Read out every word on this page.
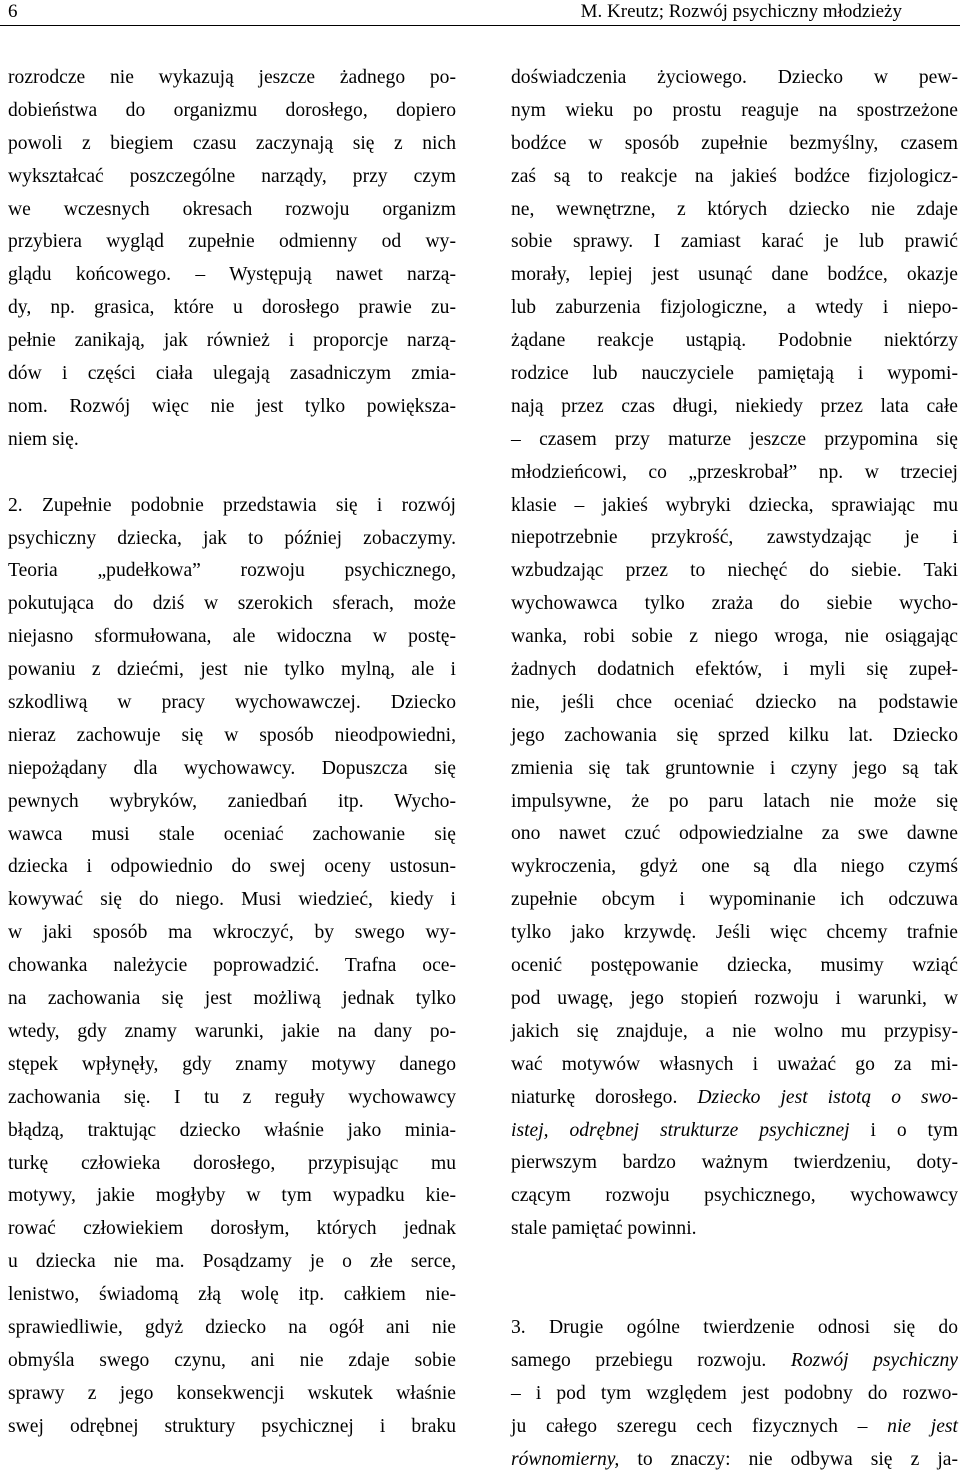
6	M. Kreutz; Rozwój psychiczny młodzieży
rozrodcze nie wykazują jeszcze żadnego po-
dobieństwa do organizmu dorosłego, dopiero
powoli z biegiem czasu zaczynają się z nich
wykształcać poszczególne narządy, przy czym
we wczesnych okresach rozwoju organizm
przybiera wygląd zupełnie odmienny od wy-
glądu końcowego. – Występują nawet narzą-
dy, np. grasica, które u dorosłego prawie zu-
pełnie zanikają, jak również i proporcje narzą-
dów i części ciała ulegają zasadniczym zmia-
nom. Rozwój więc nie jest tylko powiększa-
niem się.
2. Zupełnie podobnie przedstawia się i rozwój
psychiczny dziecka, jak to później zobaczymy.
Teoria „pudełkowa” rozwoju psychicznego,
pokutująca do dziś w szerokich sferach, może
niejasno sformułowana, ale widoczna w postę-
powaniu z dziećmi, jest nie tylko mylną, ale i
szkodliwą w pracy wychowawczej. Dziecko
nieraz zachowuje się w sposób nieodpowiedni,
niepożądany dla wychowawcy. Dopuszcza się
pewnych wybryków, zaniedbań itp. Wycho-
wawca musi stale oceniać zachowanie się
dziecka i odpowiednio do swej oceny ustosun-
kowywać się do niego. Musi wiedzieć, kiedy i
w jaki sposób ma wkroczyć, by swego wy-
chowanka należycie poprowadzić. Trafna oce-
na zachowania się jest możliwą jednak tylko
wtedy, gdy znamy warunki, jakie na dany po-
stępek wpłynęły, gdy znamy motywy danego
zachowania się. I tu z reguły wychowawcy
błądzą, traktując dziecko właśnie jako minia-
turkę człowieka dorosłego, przypisując mu
motywy, jakie mogłyby w tym wypadku kie-
rować człowiekiem dorosłym, których jednak
u dziecka nie ma. Posądzamy je o złe serce,
lenistwo, świadomą złą wolę itp. całkiem nie-
sprawiedliwie, gdyż dziecko na ogół ani nie
obmyśla swego czynu, ani nie zdaje sobie
sprawy z jego konsekwencji wskutek właśnie
swej odrębnej struktury psychicznej i braku
doświadczenia życiowego. Dziecko w pew-
nym wieku po prostu reaguje na spostrzeżone
bodźce w sposób zupełnie bezmyślny, czasem
zaś są to reakcje na jakieś bodźce fizjologicz-
ne, wewnętrzne, z których dziecko nie zdaje
sobie sprawy. I zamiast karać je lub prawić
morały, lepiej jest usunąć dane bodźce, okazje
lub zaburzenia fizjologiczne, a wtedy i niepo-
żądane reakcje ustąpią. Podobnie niektórzy
rodzice lub nauczyciele pamiętają i wypomi-
nają przez czas długi, niekiedy przez lata całe
– czasem przy maturze jeszcze przypomina się
młodzieńcowi, co „przeskrobał” np. w trzeciej
klasie – jakieś wybryki dziecka, sprawiając mu
niepotrzebnie przykrość, zawstydzając je i
wzbudzając przez to niechęć do siebie. Taki
wychowawca tylko zraża do siebie wycho-
wanka, robi sobie z niego wroga, nie osiągając
żadnych dodatnich efektów, i myli się zupeł-
nie, jeśli chce oceniać dziecko na podstawie
jego zachowania się sprzed kilku lat. Dziecko
zmienia się tak gruntownie i czyny jego są tak
impulsywne, że po paru latach nie może się
ono nawet czuć odpowiedzialne za swe dawne
wykroczenia, gdyż one są dla niego czymś
zupełnie obcym i wypominanie ich odczuwa
tylko jako krzywdę. Jeśli więc chcemy trafnie
ocenić postępowanie dziecka, musimy wziąć
pod uwagę, jego stopień rozwoju i warunki, w
jakich się znajduje, a nie wolno mu przypisy-
wać motywów własnych i uważać go za mi-
niaturkę dorosłego. Dziecko jest istotą o swo-
istej, odrębnej strukturze psychicznej i o tym
pierwszym bardzo ważnym twierdzeniu, doty-
czącym rozwoju psychicznego, wychowawcy
stale pamiętać powinni.
3. Drugie ogólne twierdzenie odnosi się do
samego przebiegu rozwoju. Rozwój psychiczny
– i pod tym względem jest podobny do rozwo-
ju całego szeregu cech fizycznych – nie jest
równomierny, to znaczy: nie odbywa się z ja-
